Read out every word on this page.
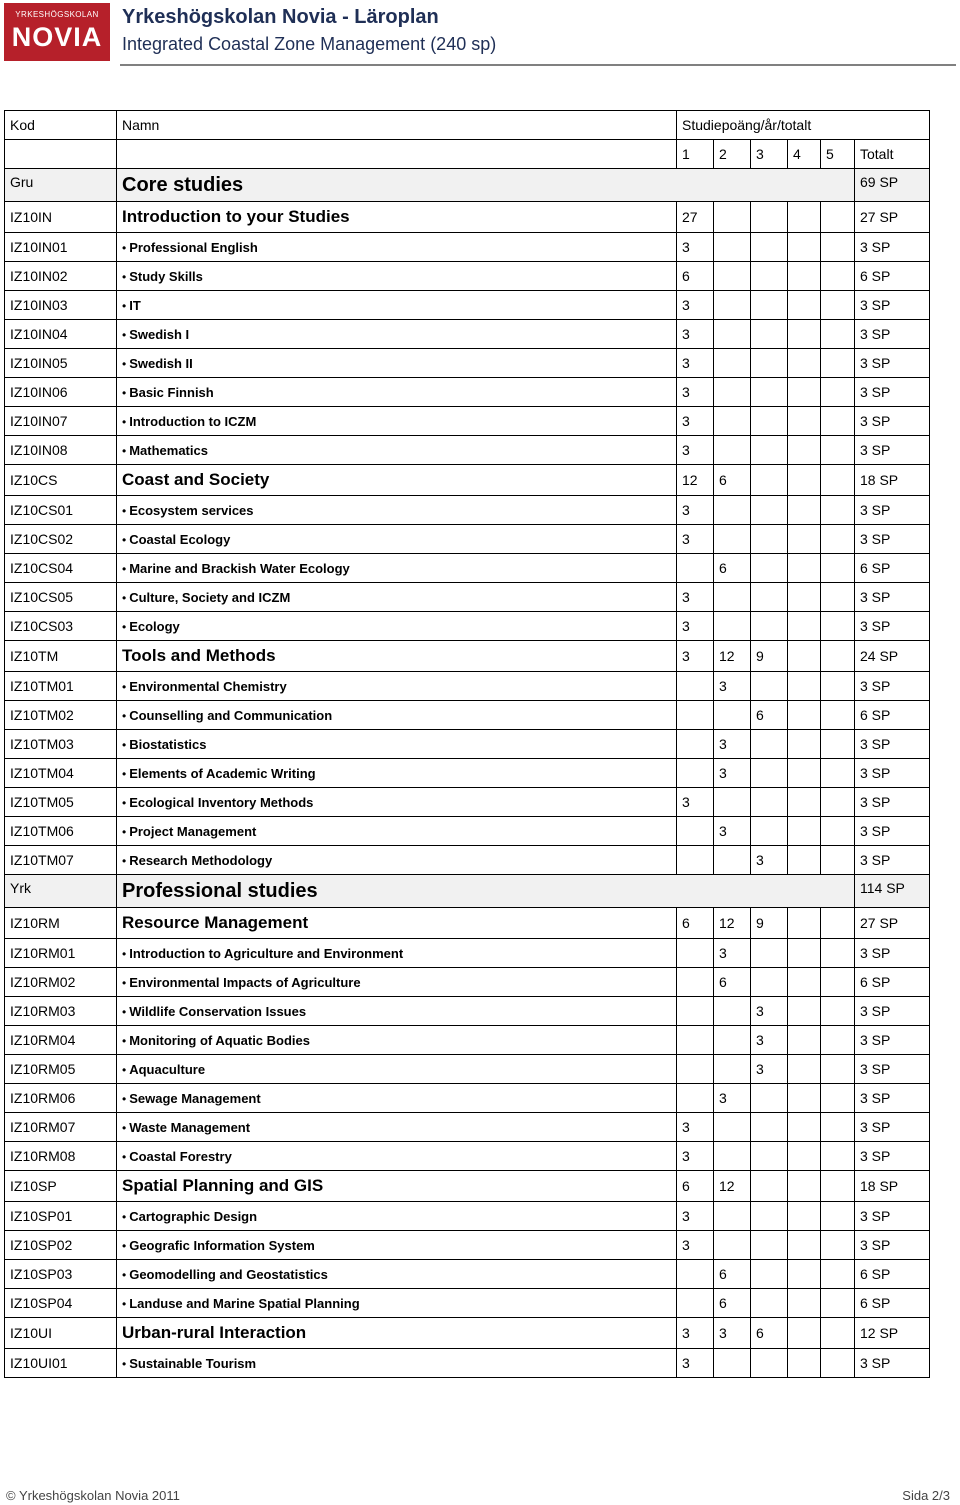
YRKESHÖGSKOLAN
NOVIA
Yrkeshögskolan Novia - Läroplan
Integrated Coastal Zone Management (240 sp)
Kod	Namn	Studiepoäng/år/totalt					
		1	2	3	4	5	Totalt
Gru	Core studies						69 SP
IZ10IN	Introduction to your Studies	27					27 SP
IZ10IN01	• Professional English	3					3 SP
IZ10IN02	• Study Skills	6					6 SP
IZ10IN03	• IT	3					3 SP
IZ10IN04	• Swedish I	3					3 SP
IZ10IN05	• Swedish II	3					3 SP
IZ10IN06	• Basic Finnish	3					3 SP
IZ10IN07	• Introduction to ICZM	3					3 SP
IZ10IN08	• Mathematics	3					3 SP
IZ10CS	Coast and Society	12	6				18 SP
IZ10CS01	• Ecosystem services	3					3 SP
IZ10CS02	• Coastal Ecology	3					3 SP
IZ10CS04	• Marine and Brackish Water Ecology		6				6 SP
IZ10CS05	• Culture, Society and ICZM	3					3 SP
IZ10CS03	• Ecology	3					3 SP
IZ10TM	Tools and Methods	3	12	9			24 SP
IZ10TM01	• Environmental Chemistry		3				3 SP
IZ10TM02	• Counselling and Communication			6			6 SP
IZ10TM03	• Biostatistics		3				3 SP
IZ10TM04	• Elements of Academic Writing		3				3 SP
IZ10TM05	• Ecological Inventory Methods	3					3 SP
IZ10TM06	• Project Management		3				3 SP
IZ10TM07	• Research Methodology			3			3 SP
Yrk	Professional studies						114 SP
IZ10RM	Resource Management	6	12	9			27 SP
IZ10RM01	• Introduction to Agriculture and Environment		3				3 SP
IZ10RM02	• Environmental Impacts of Agriculture		6				6 SP
IZ10RM03	• Wildlife Conservation Issues			3			3 SP
IZ10RM04	• Monitoring of Aquatic Bodies			3			3 SP
IZ10RM05	• Aquaculture			3			3 SP
IZ10RM06	• Sewage Management		3				3 SP
IZ10RM07	• Waste Management	3					3 SP
IZ10RM08	• Coastal Forestry	3					3 SP
IZ10SP	Spatial Planning and GIS	6	12				18 SP
IZ10SP01	• Cartographic Design	3					3 SP
IZ10SP02	• Geografic Information System	3					3 SP
IZ10SP03	• Geomodelling and Geostatistics		6				6 SP
IZ10SP04	• Landuse and Marine Spatial Planning		6				6 SP
IZ10UI	Urban-rural Interaction	3	3	6			12 SP
IZ10UI01	• Sustainable Tourism	3					3 SP
© Yrkeshögskolan Novia 2011	Sida 2/3
